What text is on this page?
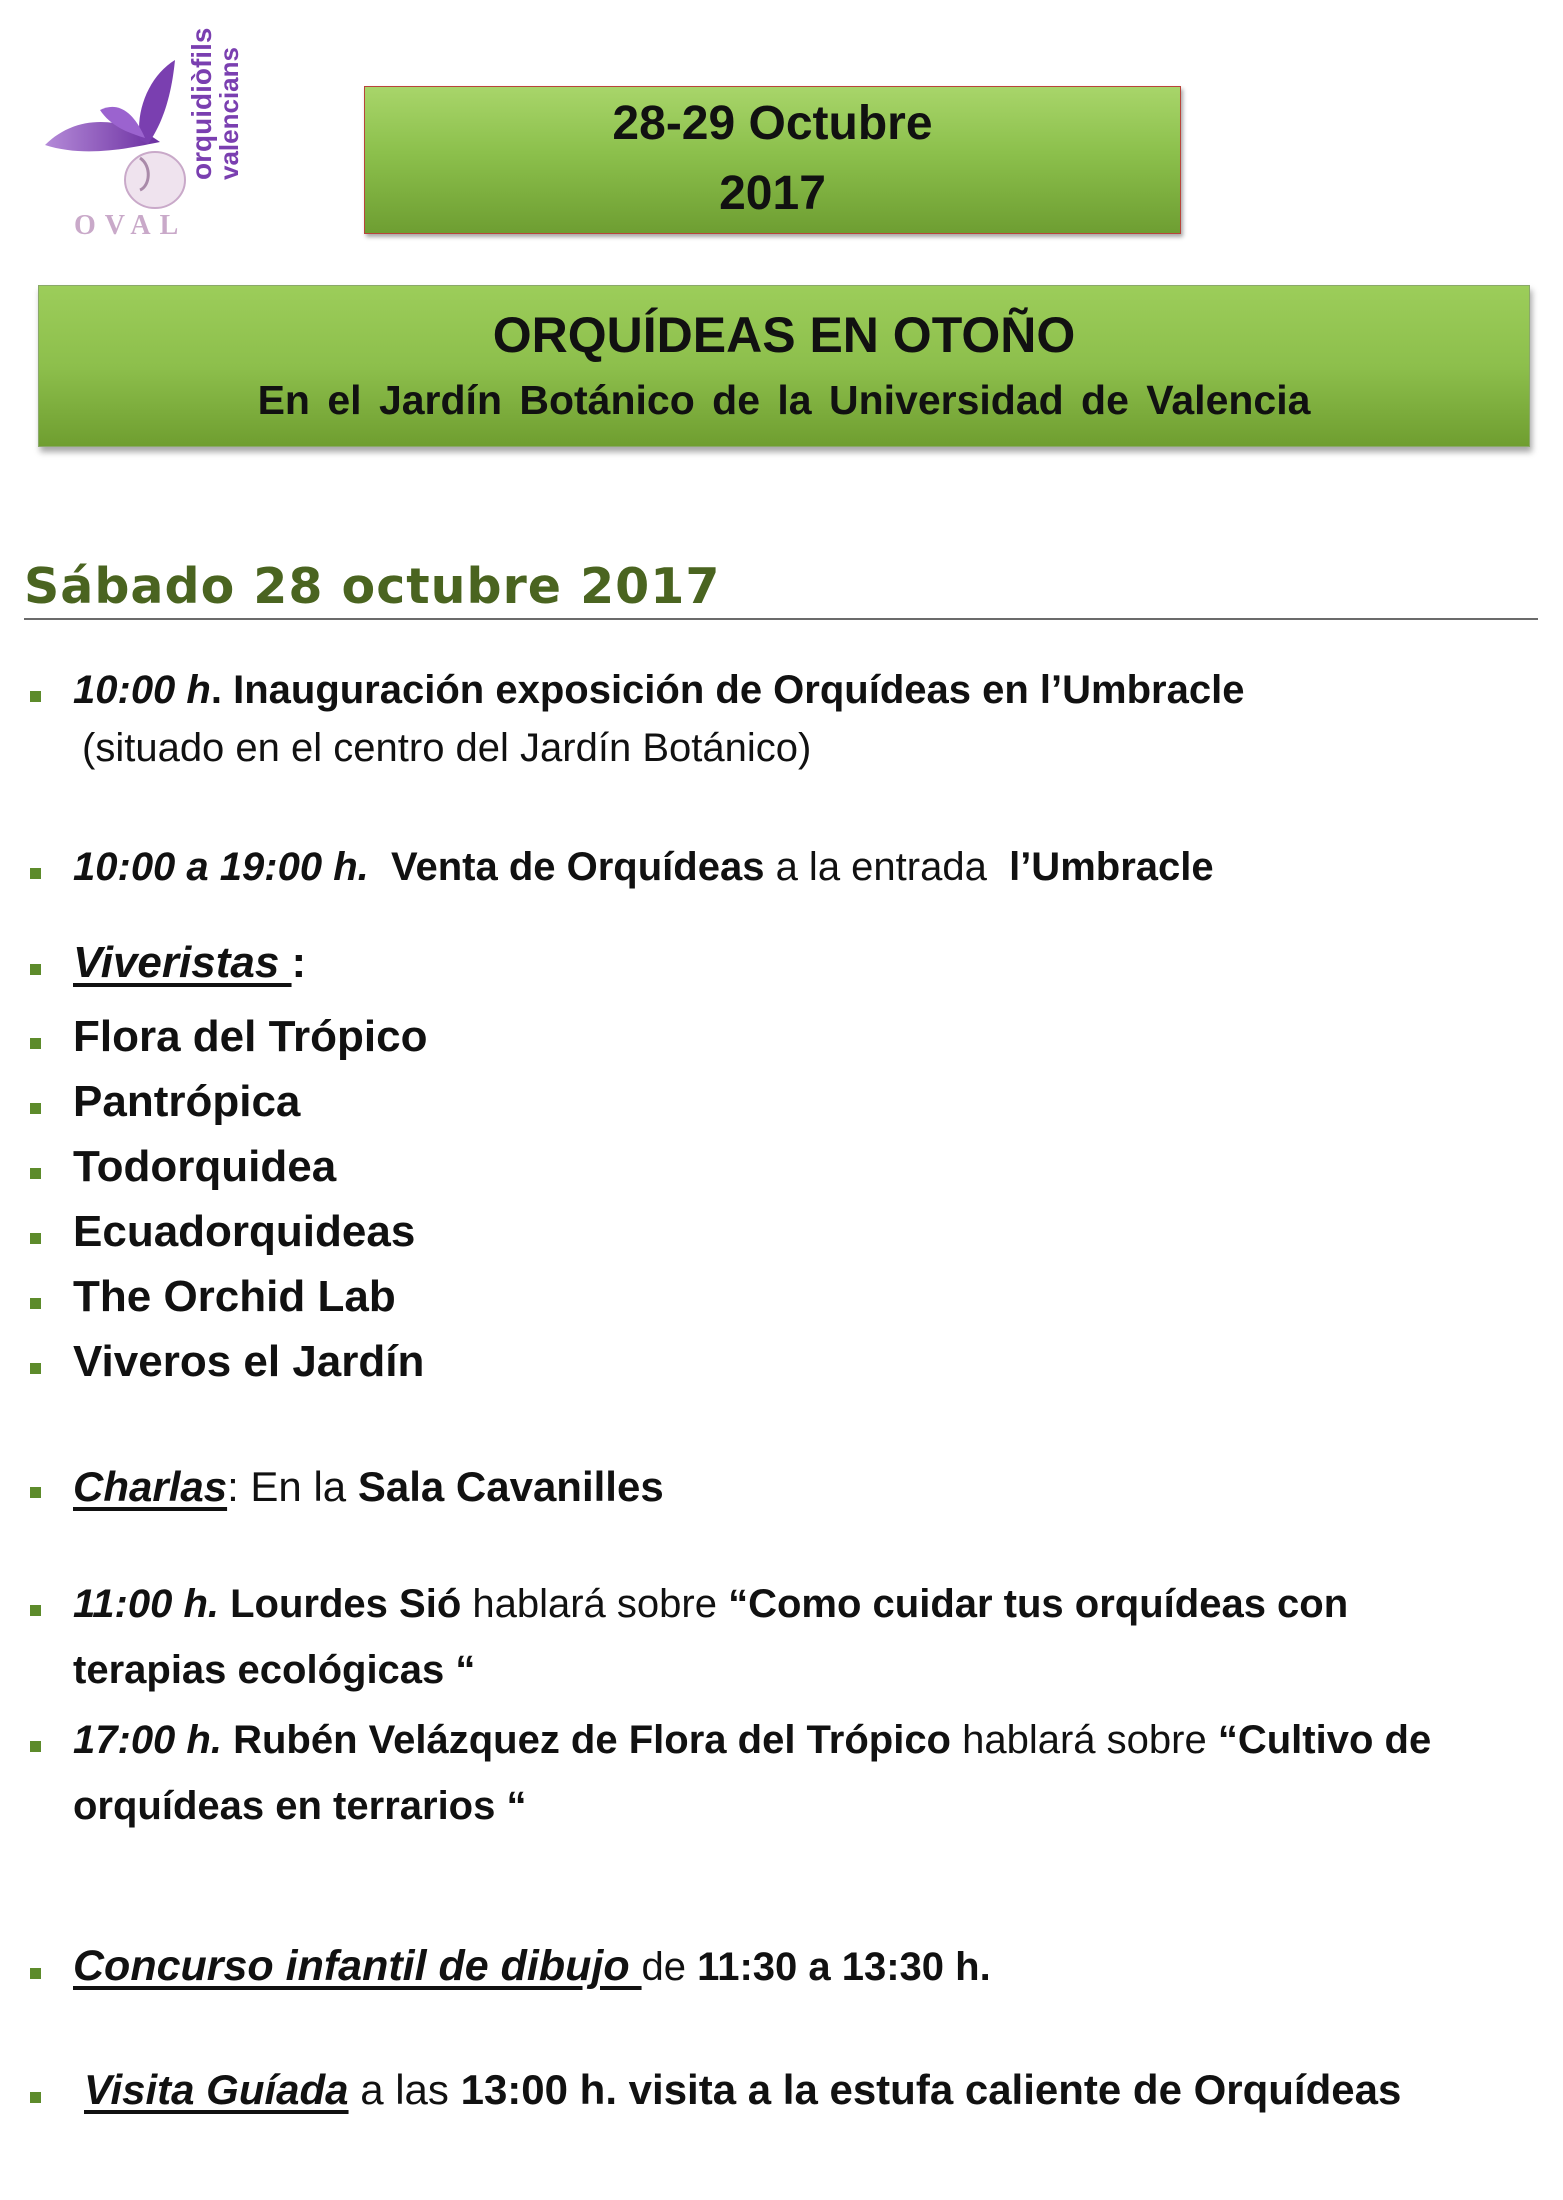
orquidiòfils
valencians
OVAL
28-29 Octubre
2017
ORQUÍDEAS EN OTOÑO
En el Jardín Botánico de la Universidad de Valencia
Sábado 28 octubre 2017
10:00 h. Inauguración exposición de Orquídeas en l’Umbracle
(situado en el centro del Jardín Botánico)
10:00 a 19:00 h. Venta de Orquídeas a la entrada  l’Umbracle
Viveristas :
Flora del Trópico
Pantrópica
Todorquidea
Ecuadorquideas
The Orchid Lab
Viveros el Jardín
Charlas: En la Sala Cavanilles
11:00 h. Lourdes Sió hablará sobre “Como cuidar tus orquídeas con
terapias ecológicas “
17:00 h. Rubén Velázquez de Flora del Trópico hablará sobre “Cultivo de
orquídeas en terrarios “
Concurso infantil de dibujo de 11:30 a 13:30 h.
Visita Guíada a las 13:00 h. visita a la estufa caliente de Orquídeas
